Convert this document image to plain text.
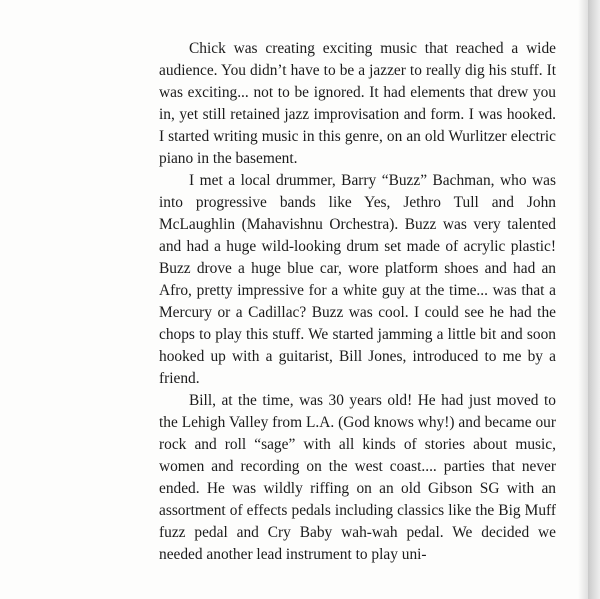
Chick was creating exciting music that reached a wide audience. You didn’t have to be a jazzer to really dig his stuff. It was exciting... not to be ignored. It had elements that drew you in, yet still retained jazz improvisation and form. I was hooked. I started writing music in this genre, on an old Wurlitzer electric piano in the basement.

I met a local drummer, Barry “Buzz” Bachman, who was into progressive bands like Yes, Jethro Tull and John McLaughlin (Mahavishnu Orchestra). Buzz was very talented and had a huge wild-looking drum set made of acrylic plastic! Buzz drove a huge blue car, wore platform shoes and had an Afro, pretty impressive for a white guy at the time... was that a Mercury or a Cadillac? Buzz was cool. I could see he had the chops to play this stuff. We started jamming a little bit and soon hooked up with a guitarist, Bill Jones, introduced to me by a friend.

Bill, at the time, was 30 years old! He had just moved to the Lehigh Valley from L.A. (God knows why!) and became our rock and roll “sage” with all kinds of stories about music, women and recording on the west coast.... parties that never ended. He was wildly riffing on an old Gibson SG with an assortment of effects pedals including classics like the Big Muff fuzz pedal and Cry Baby wah-wah pedal. We decided we needed another lead instrument to play uni-
